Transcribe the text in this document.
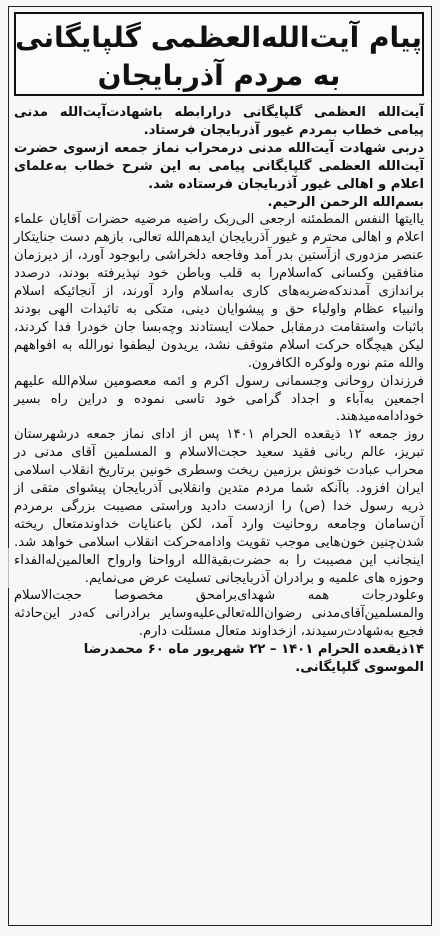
پیام آیت‌الله‌العظمی گلپایگانی
به مردم آذربایجان

آیت‌الله العظمی گلپایگانی درارابطه باشهادت‌آیت‌الله مدنی پیامی خطاب بمردم غیور آذربایجان فرستاد.

دربی شهادت آیت‌الله مدنی درمحراب نماز جمعه ازسوی حضرت آیت‌الله العظمی گلپایگانی پیامی به این شرح خطاب به‌علمای اعلام و اهالی غیور آذربایجان فرستاده شد.

بسم‌الله الرحمن الرحیم.

یاایتها النفس المطمئنه ارجعی الی‌ربک راضیه مرضیه حضرات آقایان علماء اعلام و اهالی محترم و غیور آذربایجان ایدهم‌الله تعالی، بازهم دست جنایتکار عنصر مزدوری ازآستین بدر آمد وفاجعه دلخراشی رابوجود آورد، از دیرزمان منافقین وکسانی که‌اسلام‌را به قلب وباطن خود نپذیرفته بودند، درصدد براندازی آمدندکه‌ضربه‌های کاری به‌اسلام وارد آورند، از آنجائیکه اسلام وانبیاء عظام واولیاء حق و پیشوایان دینی، متکی به تائیدات الهی بودند باثبات واستقامت درمقابل حملات ایستادند وچه‌بسا جان خودرا فدا کردند، لیکن هیچگاه حرکت اسلام متوقف نشد، یریدون لیطفوا نورالله به افواههم والله متم نوره ولوکره الکافرون.

فرزندان روحانی وجسمانی رسول اکرم و ائمه معصومین سلام‌الله علیهم اجمعین به‌آباء و اجداد گرامی خود تاسی نموده و دراین راه بسیر خودادامه‌میدهند.

روز جمعه ۱۲ ذیقعده الحرام ۱۴۰۱ پس از ادای نماز جمعه درشهرستان تبریز، عالم ربانی فقید سعید حجت‌الاسلام و المسلمین آقای مدنی در محراب عبادت خونش برزمین ریخت وسطری خونین برتاریخ انقلاب اسلامی ایران افزود. باآنکه شما مردم متدین وانقلابی آذربایجان پیشوای متقی از ذریه رسول خدا (ص) را ازدست دادید وراستی مصیبت بزرگی برمردم آن‌سامان وجامعه روحانیت وارد آمد، لکن باعنایات خداوندمتعال ریخته شدن‌چنین خون‌هایی موجب تقویت وادامه‌حرکت انقلاب اسلامی خواهد شد. اینجانب این مصیبت را به حضرت‌بقیةالله ارواحنا وارواح العالمین‌له‌الفداء وحوزه های علمیه و برادران آذربایجانی تسلیت عرض می‌نمایم.

وعلودرجات همه شهدای‌برامحق مخصوصا حجت‌الاسلام والمسلمین‌آقای‌مدنی رضوان‌الله‌تعالی‌علیه‌وسایر برادرانی که‌در این‌حادثه فجیع به‌شهادت‌رسیدند، ازخداوند متعال مسئلت دارم.

۱۴ذیقعده الحرام ۱۴۰۱ – ۲۲ شهریور ماه ۶۰ محمدرضا

الموسوی گلپایگانی.
